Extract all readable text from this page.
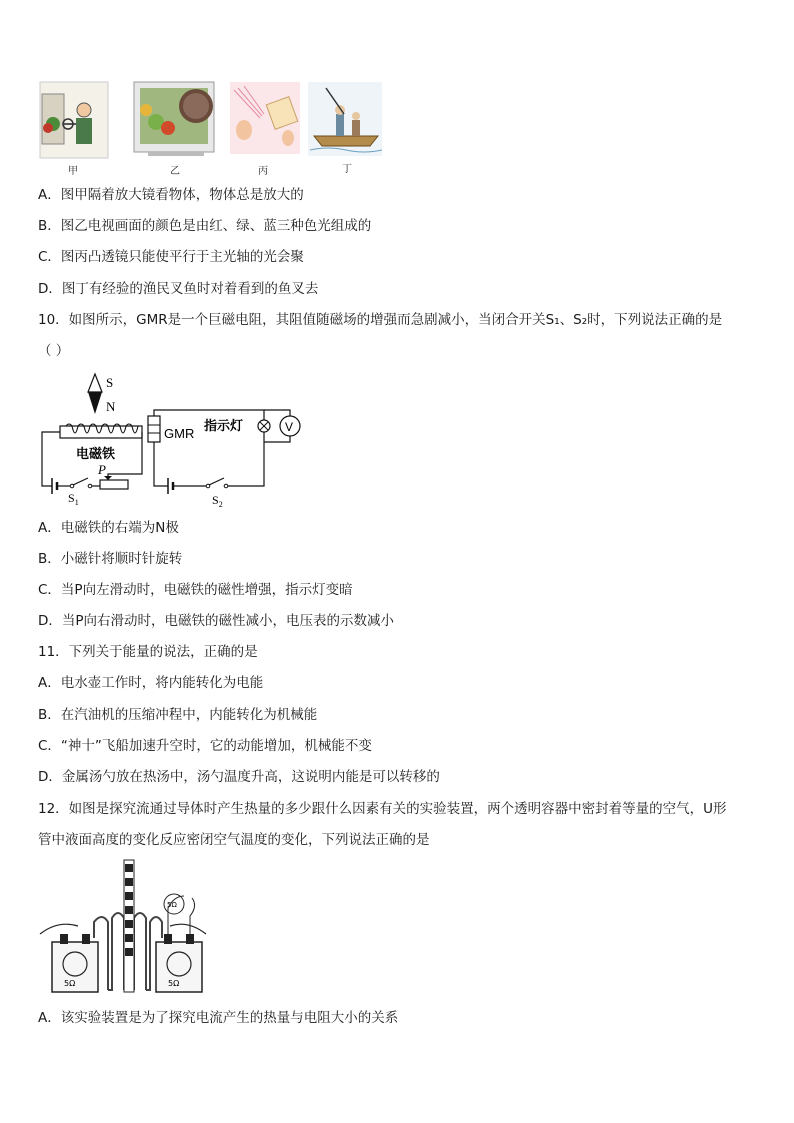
甲	乙	丙	丁
A．图甲隔着放大镜看物体，物体总是放大的
B．图乙电视画面的颜色是由红、绿、蓝三种色光组成的
C．图丙凸透镜只能使平行于主光轴的光会聚
D．图丁有经验的渔民叉鱼时对着看到的鱼叉去
10．如图所示，GMR是一个巨磁电阻，其阻值随磁场的增强而急剧减小，当闭合开关S₁、S₂时，下列说法正确的是
（ ）
S
N
电磁铁
$S_1$
P
GMR
$S_2$
指示灯	V
A．电磁铁的右端为N极
B．小磁针将顺时针旋转
C．当P向左滑动时，电磁铁的磁性增强，指示灯变暗
D．当P向右滑动时，电磁铁的磁性减小，电压表的示数减小
11．下列关于能量的说法，正确的是
A．电水壶工作时，将内能转化为电能
B．在汽油机的压缩冲程中，内能转化为机械能
C．“神十”飞船加速升空时，它的动能增加，机械能不变
D．金属汤勺放在热汤中，汤勺温度升高，这说明内能是可以转移的
12．如图是探究流通过导体时产生热量的多少跟什么因素有关的实验装置，两个透明容器中密封着等量的空气，U形
管中液面高度的变化反应密闭空气温度的变化，下列说法正确的是
5Ω	5Ω
5Ω
A．该实验装置是为了探究电流产生的热量与电阻大小的关系
